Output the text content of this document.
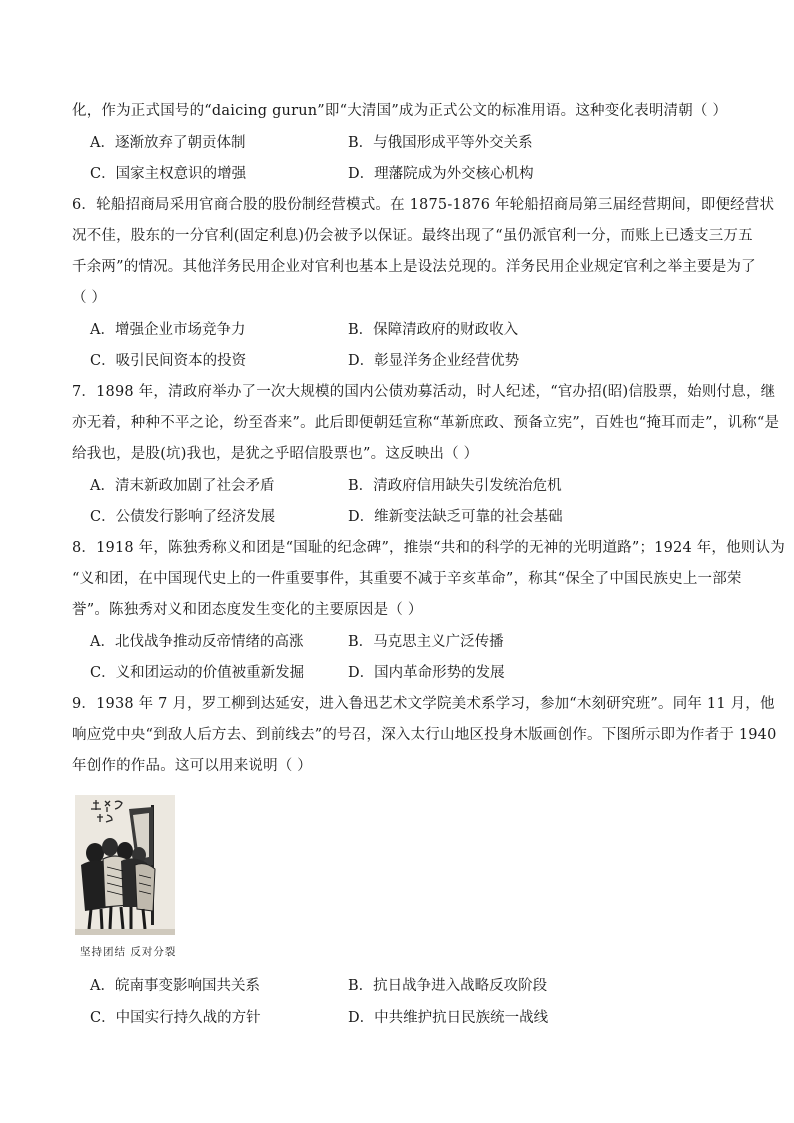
化，作为正式国号的“daicing gurun”即“大清国”成为正式公文的标准用语。这种变化表明清朝（ ）
A．逐渐放弃了朝贡体制	B．与俄国形成平等外交关系
C．国家主权意识的增强	D．理藩院成为外交核心机构
6．轮船招商局采用官商合股的股份制经营模式。在 1875-1876 年轮船招商局第三届经营期间，即便经营状
况不佳，股东的一分官利(固定利息)仍会被予以保证。最终出现了“虽仍派官利一分，而账上已透支三万五
千余两”的情况。其他洋务民用企业对官利也基本上是设法兑现的。洋务民用企业规定官利之举主要是为了
（ ）
A．增强企业市场竞争力	B．保障清政府的财政收入
C．吸引民间资本的投资	D．彰显洋务企业经营优势
7．1898 年，清政府举办了一次大规模的国内公债劝募活动，时人纪述，“官办招(昭)信股票，始则付息，继
亦无着，种种不平之论，纷至沓来”。此后即便朝廷宣称“革新庶政、预备立宪”，百姓也“掩耳而走”，讥称“是
给我也，是股(坑)我也，是犹之乎昭信股票也”。这反映出（ ）
A．清末新政加剧了社会矛盾	B．清政府信用缺失引发统治危机
C．公债发行影响了经济发展	D．维新变法缺乏可靠的社会基础
8．1918 年，陈独秀称义和团是“国耻的纪念碑”，推崇“共和的科学的无神的光明道路”；1924 年，他则认为
“义和团，在中国现代史上的一件重要事件，其重要不减于辛亥革命”，称其“保全了中国民族史上一部荣
誉”。陈独秀对义和团态度发生变化的主要原因是（ ）
A．北伐战争推动反帝情绪的高涨	B．马克思主义广泛传播
C．义和团运动的价值被重新发掘	D．国内革命形势的发展
9．1938 年 7 月，罗工柳到达延安，进入鲁迅艺术文学院美术系学习，参加“木刻研究班”。同年 11 月，他
响应党中央“到敌人后方去、到前线去”的号召，深入太行山地区投身木版画创作。下图所示即为作者于 1940
年创作的作品。这可以用来说明（ ）
坚持团结 反对分裂
A．皖南事变影响国共关系	B．抗日战争进入战略反攻阶段
C．中国实行持久战的方针	D．中共维护抗日民族统一战线
